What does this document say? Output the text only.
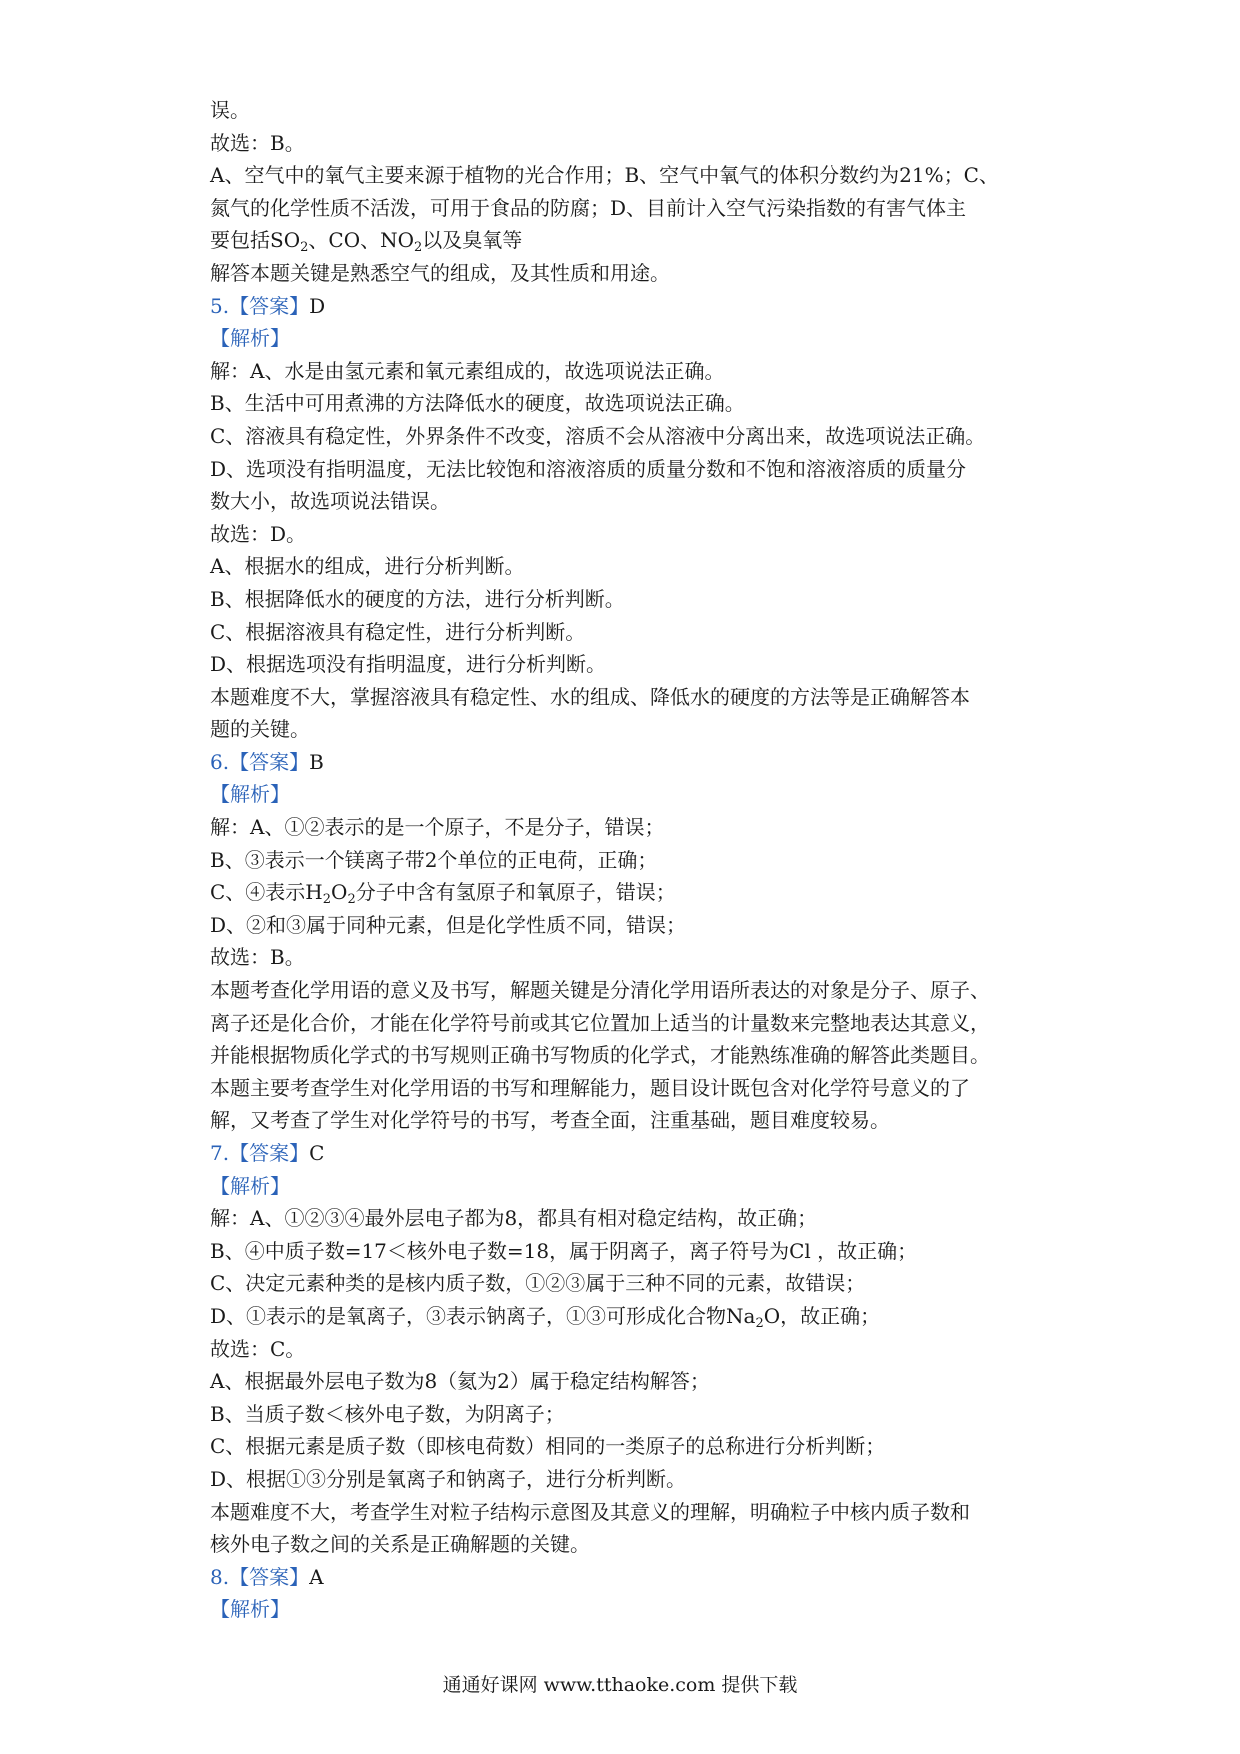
误。
故选：B。
A、空气中的氧气主要来源于植物的光合作用；B、空气中氧气的体积分数约为21%；C、
氮气的化学性质不活泼，可用于食品的防腐；D、目前计入空气污染指数的有害气体主
要包括$SO_2$、CO、$NO_2$以及臭氧等
解答本题关键是熟悉空气的组成，及其性质和用途。
5.【答案】D
【解析】
解：A、水是由氢元素和氧元素组成的，故选项说法正确。
B、生活中可用煮沸的方法降低水的硬度，故选项说法正确。
C、溶液具有稳定性，外界条件不改变，溶质不会从溶液中分离出来，故选项说法正确。
D、选项没有指明温度，无法比较饱和溶液溶质的质量分数和不饱和溶液溶质的质量分
数大小，故选项说法错误。
故选：D。
A、根据水的组成，进行分析判断。
B、根据降低水的硬度的方法，进行分析判断。
C、根据溶液具有稳定性，进行分析判断。
D、根据选项没有指明温度，进行分析判断。
本题难度不大，掌握溶液具有稳定性、水的组成、降低水的硬度的方法等是正确解答本
题的关键。
6.【答案】B
【解析】
解：A、①②表示的是一个原子，不是分子，错误；
B、③表示一个镁离子带2个单位的正电荷，正确；
C、④表示$H_2O_2$分子中含有氢原子和氧原子，错误；
D、②和③属于同种元素，但是化学性质不同，错误；
故选：B。
本题考查化学用语的意义及书写，解题关键是分清化学用语所表达的对象是分子、原子、
离子还是化合价，才能在化学符号前或其它位置加上适当的计量数来完整地表达其意义，
并能根据物质化学式的书写规则正确书写物质的化学式，才能熟练准确的解答此类题目。
本题主要考查学生对化学用语的书写和理解能力，题目设计既包含对化学符号意义的了
解，又考查了学生对化学符号的书写，考查全面，注重基础，题目难度较易。
7.【答案】C
【解析】
解：A、①②③④最外层电子都为8，都具有相对稳定结构，故正确；
B、④中质子数=17＜核外电子数=18，属于阴离子，离子符号为Cl ，故正确；
C、决定元素种类的是核内质子数，①②③属于三种不同的元素，故错误；
D、①表示的是氧离子，③表示钠离子，①③可形成化合物$Na_2O$，故正确；
故选：C。
A、根据最外层电子数为8（氦为2）属于稳定结构解答；
B、当质子数＜核外电子数，为阴离子；
C、根据元素是质子数（即核电荷数）相同的一类原子的总称进行分析判断；
D、根据①③分别是氧离子和钠离子，进行分析判断。
本题难度不大，考查学生对粒子结构示意图及其意义的理解，明确粒子中核内质子数和
核外电子数之间的关系是正确解题的关键。
8.【答案】A
【解析】
通通好课网 www.tthaoke.com 提供下载
